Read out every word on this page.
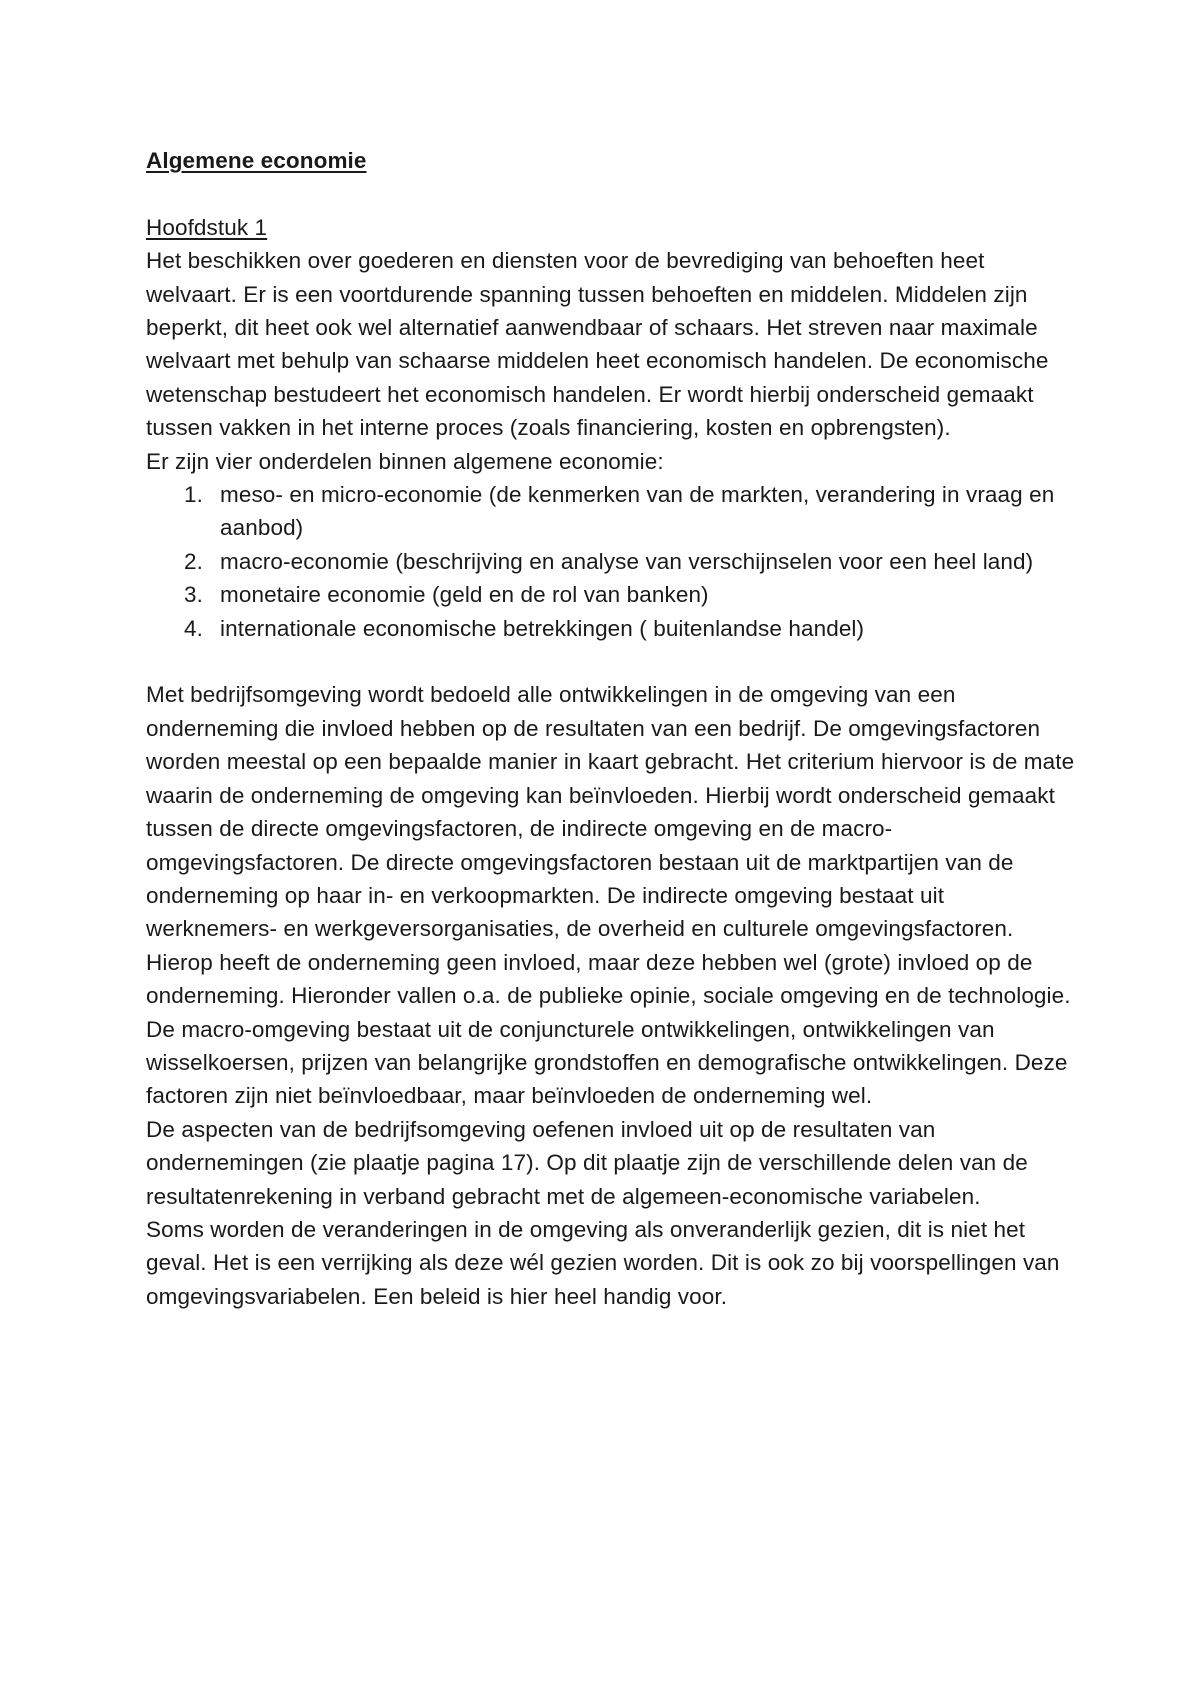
Algemene economie

Hoofdstuk 1

Het beschikken over goederen en diensten voor de bevrediging van behoeften heet welvaart. Er is een voortdurende spanning tussen behoeften en middelen. Middelen zijn beperkt, dit heet ook wel alternatief aanwendbaar of schaars. Het streven naar maximale welvaart met behulp van schaarse middelen heet economisch handelen. De economische wetenschap bestudeert het economisch handelen. Er wordt hierbij onderscheid gemaakt tussen vakken in het interne proces (zoals financiering, kosten en opbrengsten).

Er zijn vier onderdelen binnen algemene economie:

1. meso- en micro-economie (de kenmerken van de markten, verandering in vraag en aanbod)
2. macro-economie (beschrijving en analyse van verschijnselen voor een heel land)
3. monetaire economie (geld en de rol van banken)
4. internationale economische betrekkingen ( buitenlandse handel)

Met bedrijfsomgeving wordt bedoeld alle ontwikkelingen in de omgeving van een onderneming die invloed hebben op de resultaten van een bedrijf. De omgevingsfactoren worden meestal op een bepaalde manier in kaart gebracht. Het criterium hiervoor is de mate waarin de onderneming de omgeving kan beïnvloeden. Hierbij wordt onderscheid gemaakt tussen de directe omgevingsfactoren, de indirecte omgeving en de macro-omgevingsfactoren. De directe omgevingsfactoren bestaan uit de marktpartijen van de onderneming op haar in- en verkoopmarkten. De indirecte omgeving bestaat uit werknemers- en werkgeversorganisaties, de overheid en culturele omgevingsfactoren. Hierop heeft de onderneming geen invloed, maar deze hebben wel (grote) invloed op de onderneming. Hieronder vallen o.a. de publieke opinie, sociale omgeving en de technologie.

De macro-omgeving bestaat uit de conjuncturele ontwikkelingen, ontwikkelingen van wisselkoersen, prijzen van belangrijke grondstoffen en demografische ontwikkelingen. Deze factoren zijn niet beïnvloedbaar, maar beïnvloeden de onderneming wel.

De aspecten van de bedrijfsomgeving oefenen invloed uit op de resultaten van ondernemingen (zie plaatje pagina 17). Op dit plaatje zijn de verschillende delen van de resultatenrekening in verband gebracht met de algemeen-economische variabelen.

Soms worden de veranderingen in de omgeving als onveranderlijk gezien, dit is niet het geval. Het is een verrijking als deze wél gezien worden. Dit is ook zo bij voorspellingen van omgevingsvariabelen. Een beleid is hier heel handig voor.
